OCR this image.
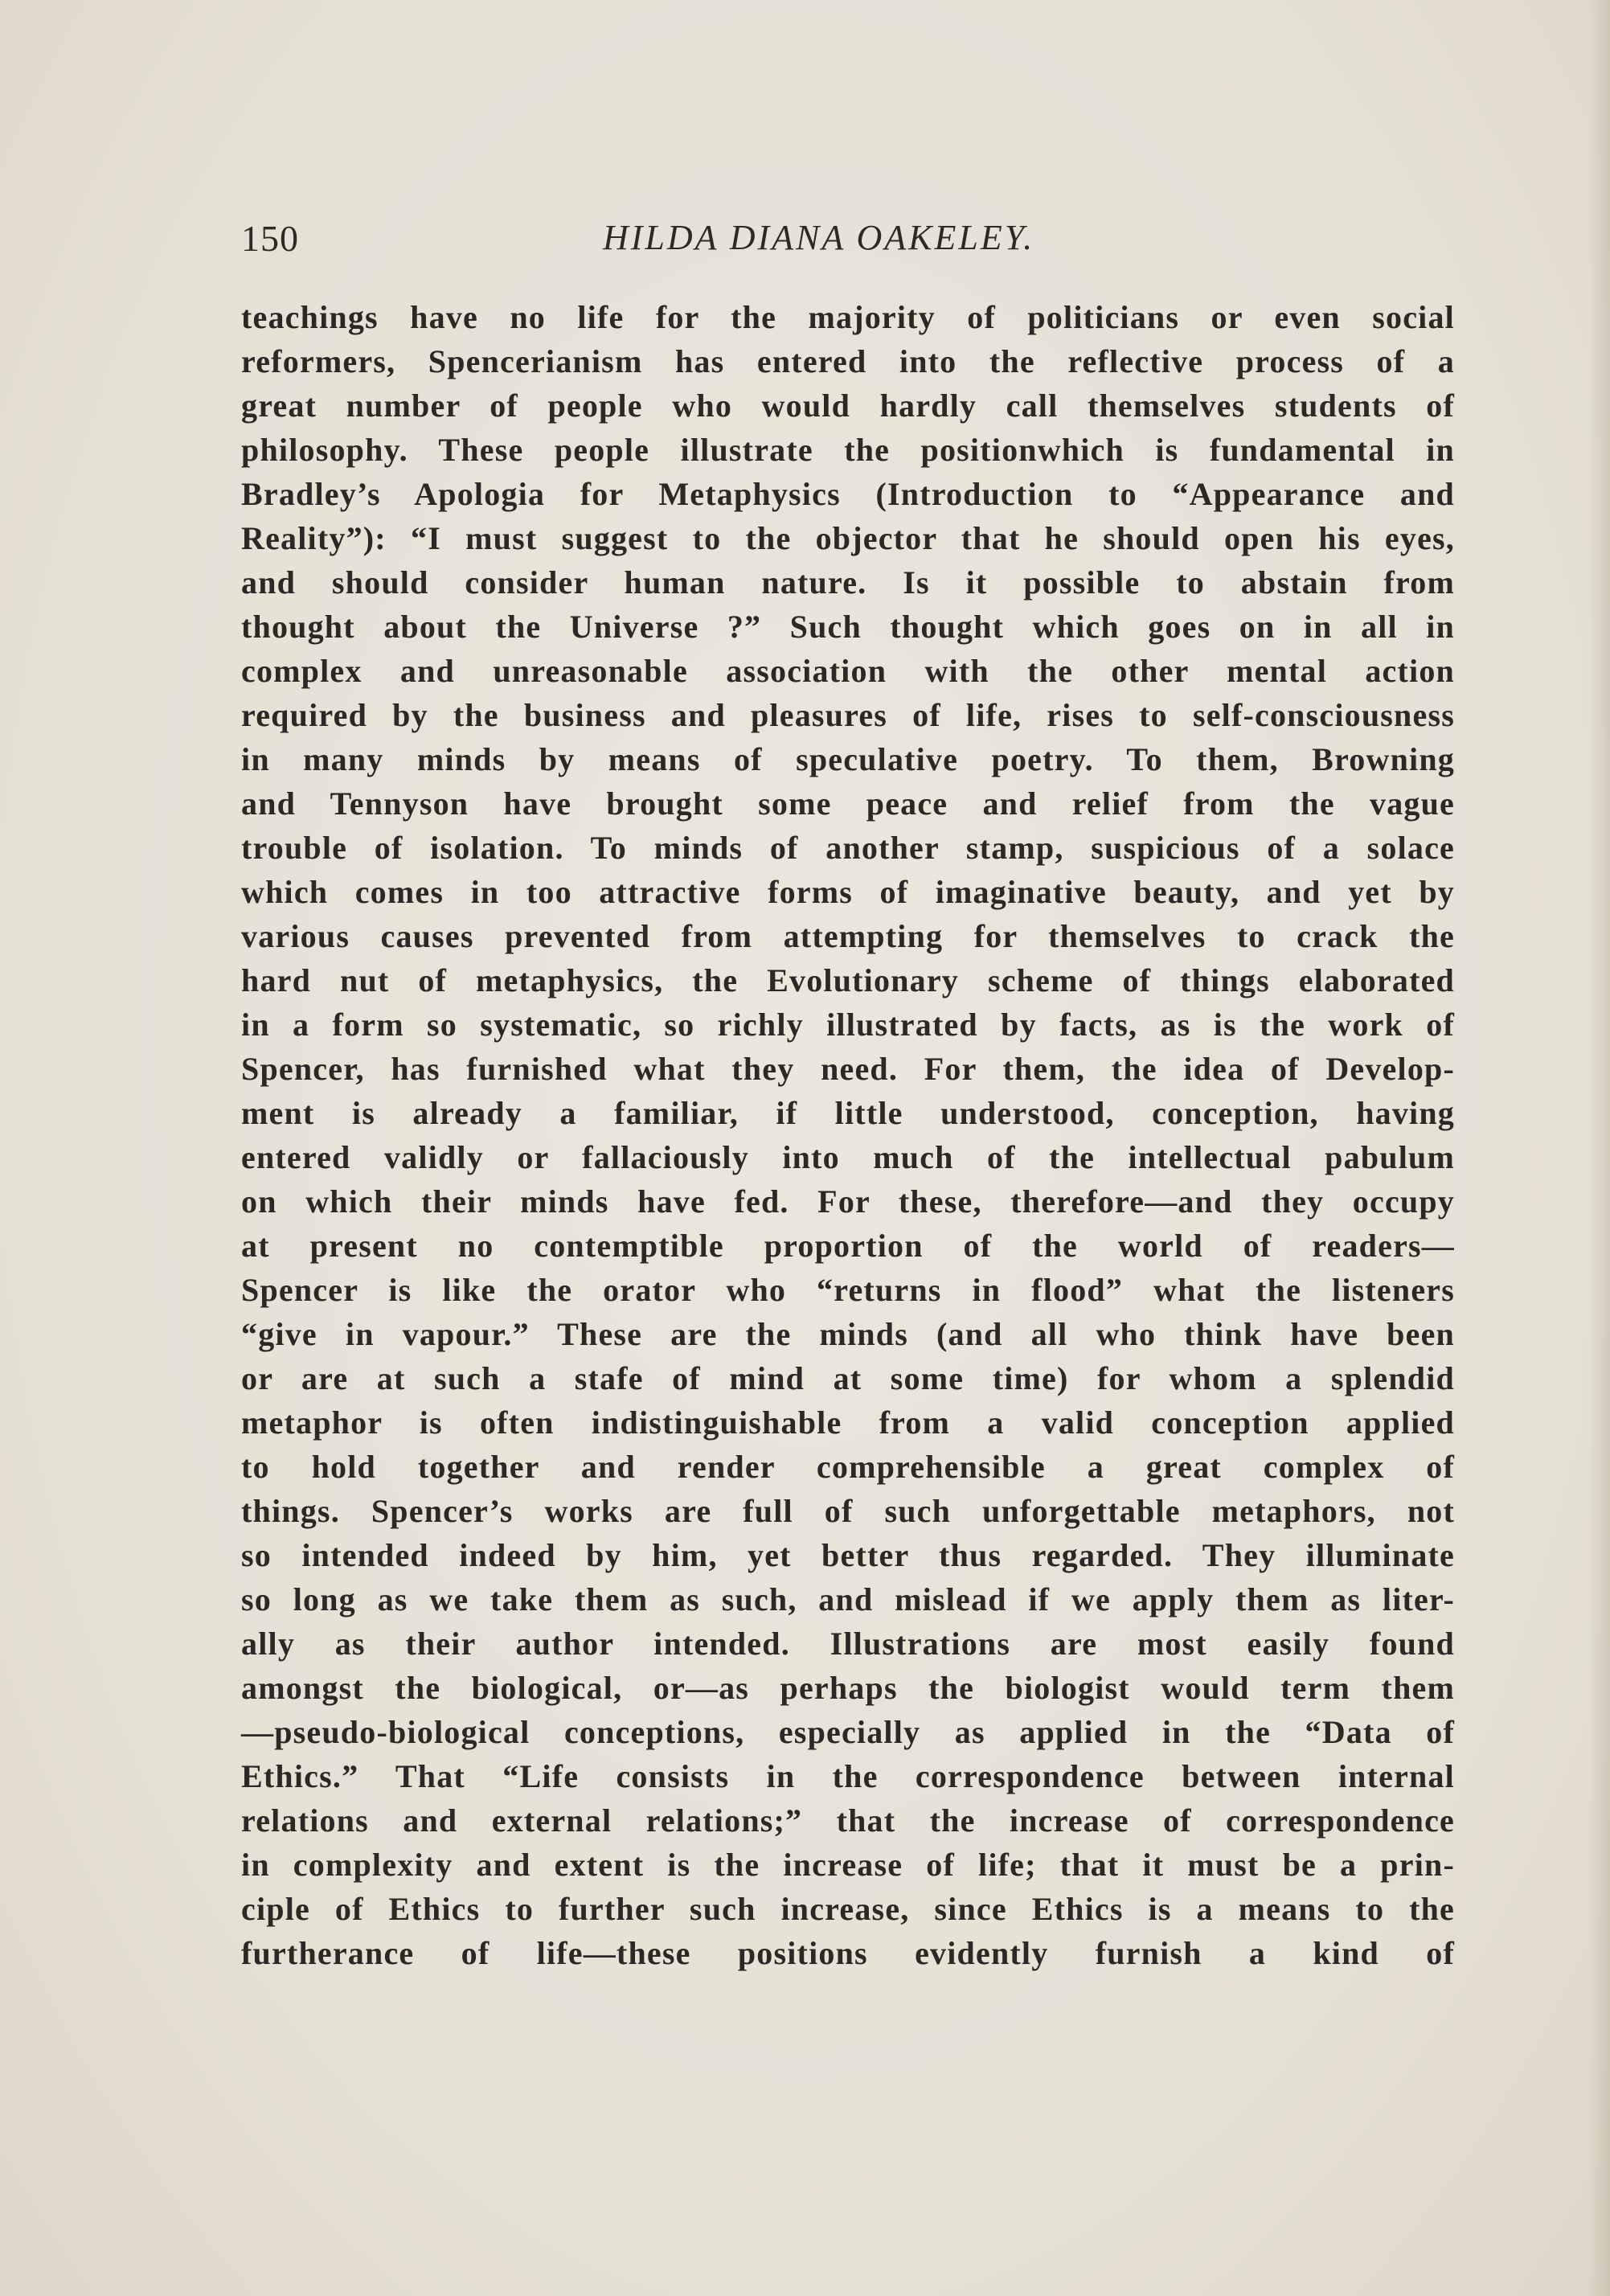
150	HILDA DIANA OAKELEY.
teachings have no life for the majority of politicians or even social
reformers, Spencerianism has entered into the reflective process of a
great number of people who would hardly call themselves students of
philosophy. These people illustrate the positionwhich is fundamental in
Bradley’s Apologia for Metaphysics (Introduction to “Appearance and
Reality”): “I must suggest to the objector that he should open his eyes,
and should consider human nature. Is it possible to abstain from
thought about the Universe ?” Such thought which goes on in all in
complex and unreasonable association with the other mental action
required by the business and pleasures of life, rises to self-consciousness
in many minds by means of speculative poetry. To them, Browning
and Tennyson have brought some peace and relief from the vague
trouble of isolation. To minds of another stamp, suspicious of a solace
which comes in too attractive forms of imaginative beauty, and yet by
various causes prevented from attempting for themselves to crack the
hard nut of metaphysics, the Evolutionary scheme of things elaborated
in a form so systematic, so richly illustrated by facts, as is the work of
Spencer, has furnished what they need. For them, the idea of Develop-
ment is already a familiar, if little understood, conception, having
entered validly or fallaciously into much of the intellectual pabulum
on which their minds have fed. For these, therefore—and they occupy
at present no contemptible proportion of the world of readers—
Spencer is like the orator who “returns in flood” what the listeners
“give in vapour.” These are the minds (and all who think have been
or are at such a stafe of mind at some time) for whom a splendid
metaphor is often indistinguishable from a valid conception applied
to hold together and render comprehensible a great complex of
things. Spencer’s works are full of such unforgettable metaphors, not
so intended indeed by him, yet better thus regarded. They illuminate
so long as we take them as such, and mislead if we apply them as liter-
ally as their author intended. Illustrations are most easily found
amongst the biological, or—as perhaps the biologist would term them
—pseudo-biological conceptions, especially as applied in the “Data of
Ethics.” That “Life consists in the correspondence between internal
relations and external relations;” that the increase of correspondence
in complexity and extent is the increase of life; that it must be a prin-
ciple of Ethics to further such increase, since Ethics is a means to the
furtherance of life—these positions evidently furnish a kind of
